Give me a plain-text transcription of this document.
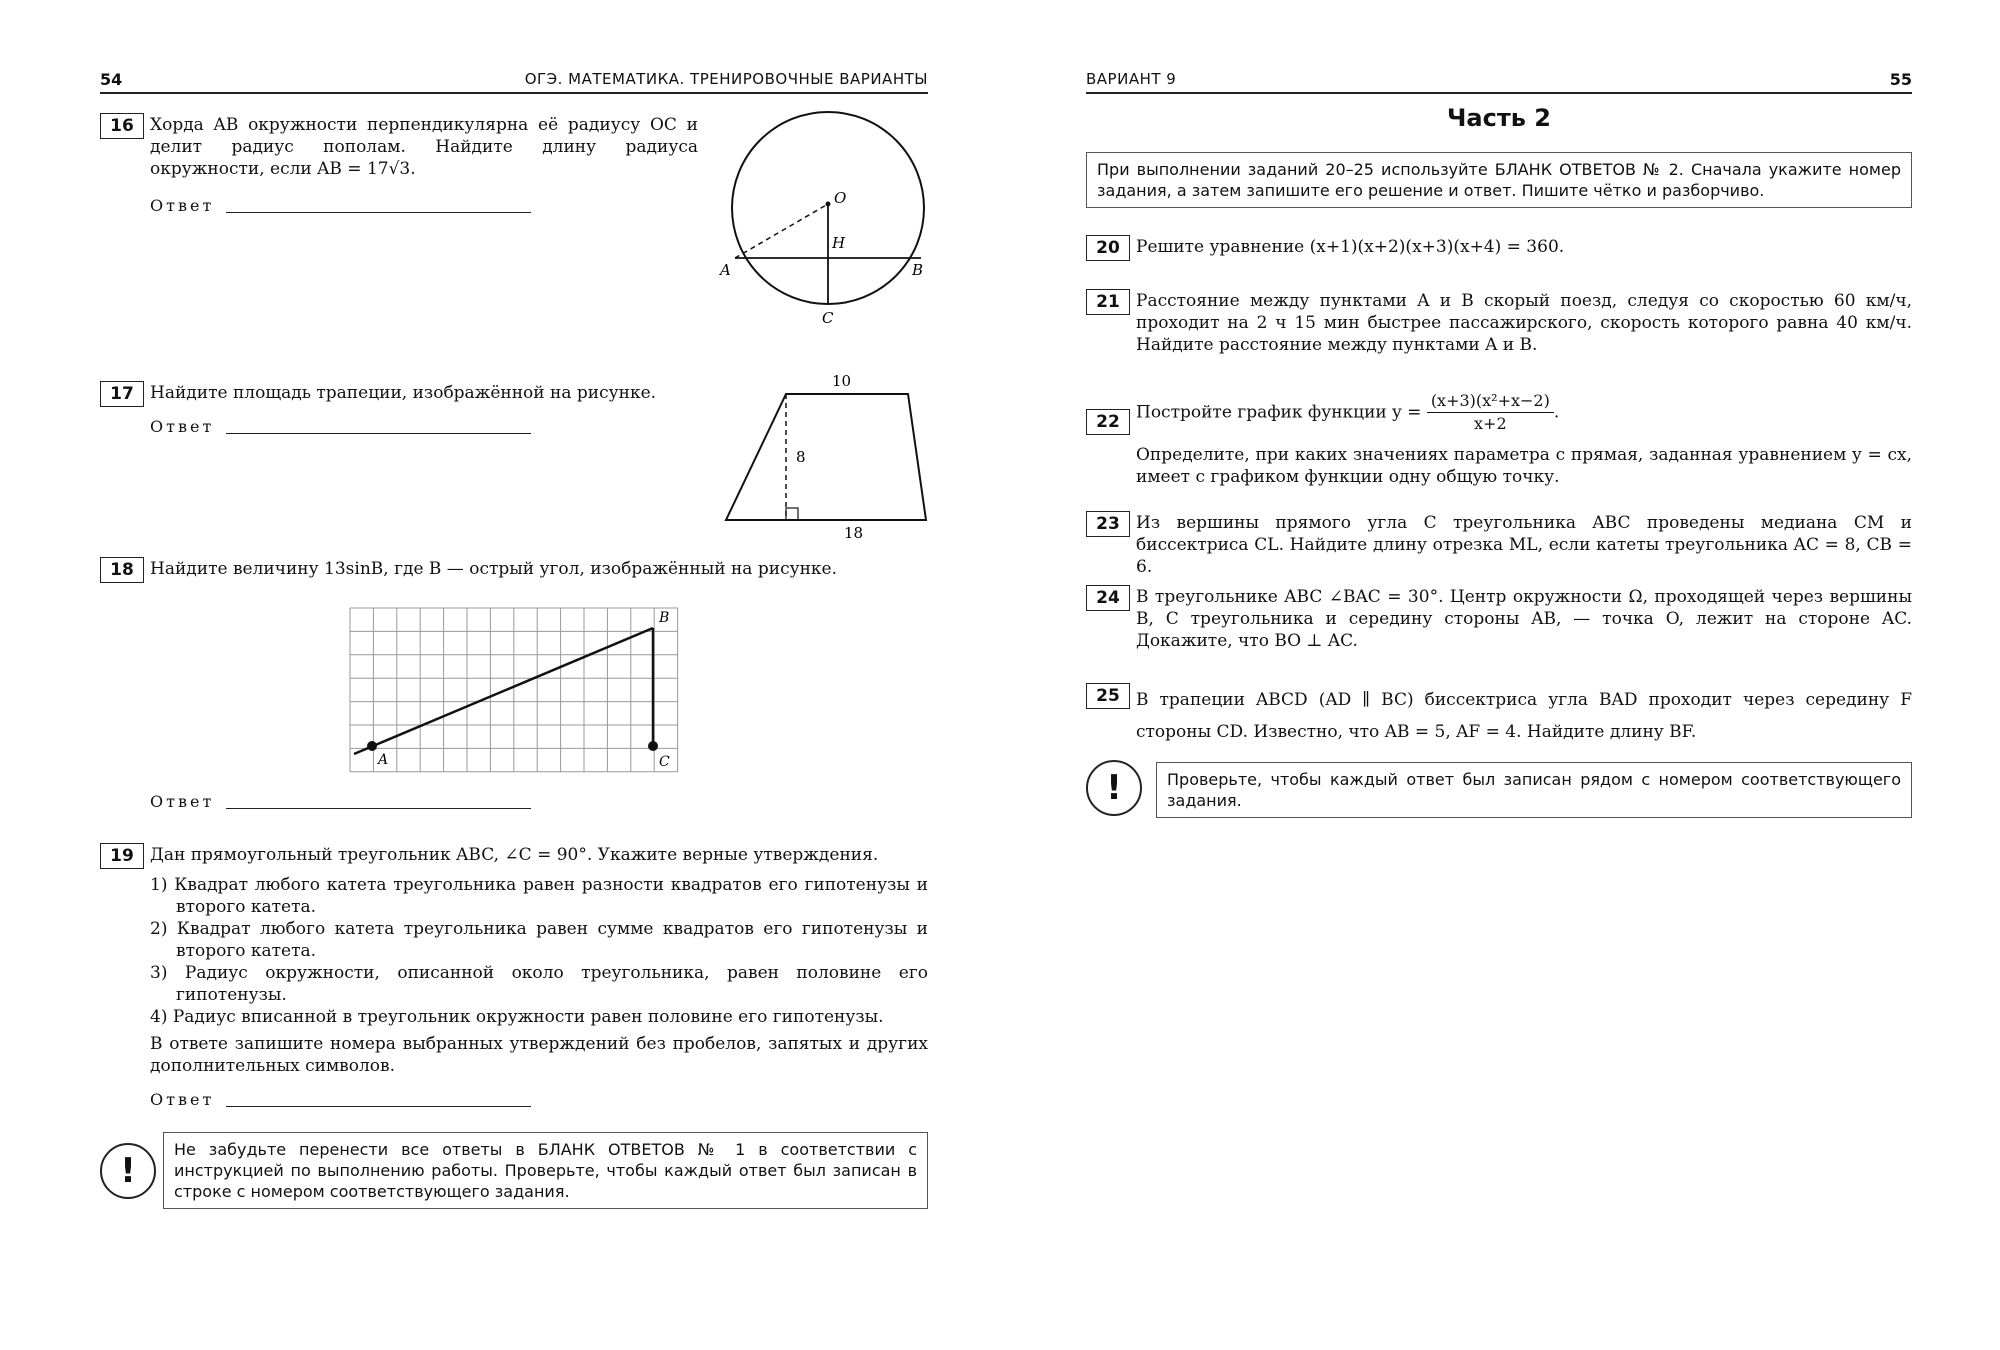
54	ОГЭ. МАТЕМАТИКА. ТРЕНИРОВОЧНЫЕ ВАРИАНТЫ
16 Хорда AB окружности перпендикулярна её радиусу OC и делит радиус пополам. Найдите длину радиуса окружности, если AB = 17√3.
Ответ	O
H
A	B
C
17 Найдите площадь трапеции, изображённой на рисунке.
Ответ
10
8
18
18 Найдите величину 13sinB, где B — острый угол, изображённый на рисунке.
A
B
C
Ответ
19 Дан прямоугольный треугольник ABC, ∠C = 90°. Укажите верные утверждения.
1) Квадрат любого катета треугольника равен разности квадратов его гипотенузы и второго катета.
2) Квадрат любого катета треугольника равен сумме квадратов его гипотенузы и второго катета.
3) Радиус окружности, описанной около треугольника, равен половине его гипотенузы.
4) Радиус вписанной в треугольник окружности равен половине его гипотенузы.
В ответе запишите номера выбранных утверждений без пробелов, запятых и других дополнительных символов.
Ответ
!
Не забудьте перенести все ответы в БЛАНК ОТВЕТОВ № 1 в соответствии с инструкцией по выполнению работы. Проверьте, чтобы каждый ответ был записан в строке с номером соответствующего задания.
ВАРИАНТ 9	55
Часть 2
При выполнении заданий 20–25 используйте БЛАНК ОТВЕТОВ № 2. Сначала укажите номер задания, а затем запишите его решение и ответ. Пишите чётко и разборчиво.
20 Решите уравнение (x+1)(x+2)(x+3)(x+4) = 360.
21 Расстояние между пунктами A и B скорый поезд, следуя со скоростью 60 км/ч, проходит на 2 ч 15 мин быстрее пассажирского, скорость которого равна 40 км/ч. Найдите расстояние между пунктами A и B.
22 Постройте график функции $y = \frac{\text{(x+3)(x²+x−2)}}{x+2}$ .
Определите, при каких значениях параметра c прямая, заданная уравнением y = cx, имеет с графиком функции одну общую точку.
23 Из вершины прямого угла C треугольника ABC проведены медиана CM и биссектриса CL. Найдите длину отрезка ML, если катеты треугольника AC = 8, CB = 6.
24 В треугольнике ABC ∠BAC = 30°. Центр окружности Ω, проходящей через вершины B, C треугольника и середину стороны AB, — точка O, лежит на стороне AC. Докажите, что BO ⊥ AC.
25 В трапеции ABCD (AD ∥ BC) биссектриса угла BAD проходит через середину F стороны CD. Известно, что AB = 5, AF = 4. Найдите длину BF.
!	Проверьте, чтобы каждый ответ был записан рядом с номером соответствующего задания.
